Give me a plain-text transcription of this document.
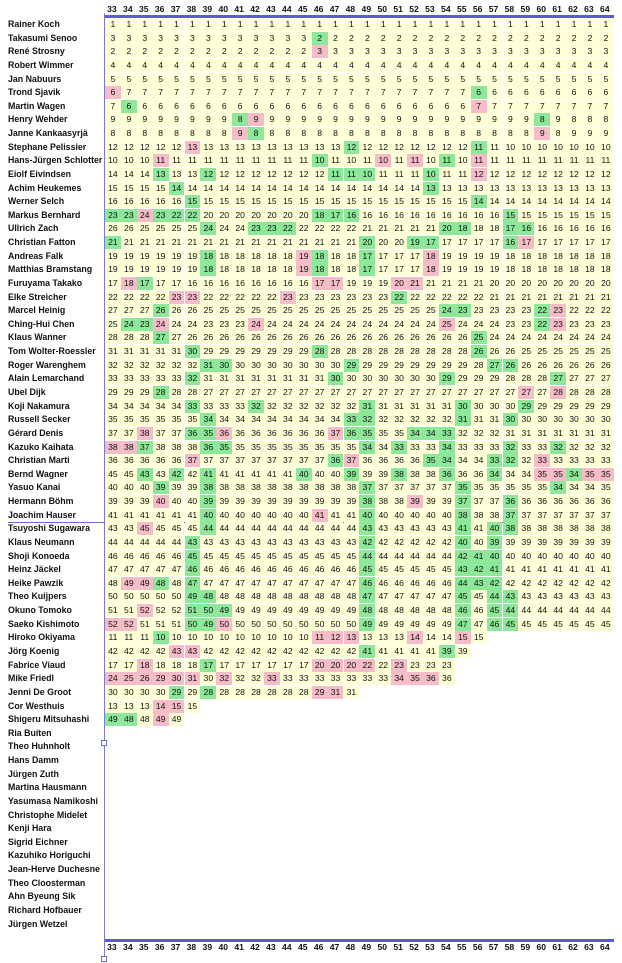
33 34 35 36 37 38 39 40 41 42 43 44 45 46 47 48 49 50 51 52 53 54 55 56 57 58 59 60 61 62 63 64
33 34 35 36 37 38 39 40 41 42 43 44 45 46 47 48 49 50 51 52 53 54 55 56 57 58 59 60 61 62 63 64
Rainer Koch	1	1	1	1	1	1	1	1	1	1	1	1	1	1	1	1	1	1	1	1	1	1	1	1	1	1	1	1	1	1	1	1
Takasumi Senoo	3	3	3	3	3	3	3	3	3	3	3	3	3	2	2	2	2	2	2	2	2	2	2	2	2	2	2	2	2	2	2	2
René Strosny	2	2	2	2	2	2	2	2	2	2	2	2	2	3	3	3	3	3	3	3	3	3	3	3	3	3	3	3	3	3	3	3
Robert Wimmer	4	4	4	4	4	4	4	4	4	4	4	4	4	4	4	4	4	4	4	4	4	4	4	4	4	4	4	4	4	4	4	4
Jan Nabuurs	5	5	5	5	5	5	5	5	5	5	5	5	5	5	5	5	5	5	5	5	5	5	5	5	5	5	5	5	5	5	5	5
Trond Sjavik	6	7	7	7	7	7	7	7	7	7	7	7	7	7	7	7	7	7	7	7	7	7	7	6	6	6	6	6	6	6	6	6
Martin Wagen	7	6	6	6	6	6	6	6	6	6	6	6	6	6	6	6	6	6	6	6	6	6	6	7	7	7	7	7	7	7	7	7
Henry Wehder	9	9	9	9	9	9	9	9	8	9	9	9	9	9	9	9	9	9	9	9	9	9	9	9	9	9	9	8	9	8	8	8
Janne Kankaasyrjä	8	8	8	8	8	8	8	8	9	8	8	8	8	8	8	8	8	8	8	8	8	8	8	8	8	8	8	9	8	9	9	9
Stephane Pelissier	12 12 12 12 12 13 13 13 13 13 13 13 13 13 13 12 12 12 12 12 12 12 12 11 11 10 10 10 10 10 10 10
Hans-Jürgen Schlotter 10 10 10 11 11 11 11 11 11 11 11 11 11 10 11 10 11 10 11 11 10 11 10 11 11 11 11 11 11 11 11 11
Eiolf Eivindsen	14 14 14 13 13 13 12 12 12 12 12 12 12 12 11 11 10 11 11 11 10 11 11 12 12 12 12 12 12 12 12 12
Achim Heukemes	15 15 15 15 14 14 14 14 14 14 14 14 14 14 14 14 14 14 14 14 13 13 13 13 13 13 13 13 13 13 13 13
Werner Selch	16 16 16 16 16 15 15 15 15 15 15 15 15 15 15 15 15 15 15 15 15 15 15 14 14 14 14 14 14 14 14 14
Markus Bernhard	23 23 24 23 22 22 20 20 20 20 20 20 20 18 17 16 16 16 16 16 16 16 16 16 16 15 15 15 15 15 15 15
Ullrich Zach	26 26 25 25 25 25 24 24 24 23 23 22 22 22 22 22 21 21 21 21 21 20 18 18 18 17 16 16 16 16 16 16
Christian Fatton	21 21 21 21 21 21 21 21 21 21 21 21 21 21 21 21 20 20 20 19 17 17 17 17 17 16 17 17 17 17 17 17
Andreas Falk	19 19 19 19 19 19 18 18 18 18 18 18 19 18 18 18 17 17 17 17 18 19 19 19 19 18 18 18 18 18 18 18
Matthias Bramstang	19 19 19 19 19 19 18 18 18 18 18 18 19 18 18 18 17 17 17 17 18 19 19 19 19 18 18 18 18 18 18 18
Furuyama Takako	17 18 17 17 17 16 16 16 16 16 16 16 16 17 17 19 19 19 20 21 21 21 21 21 20 20 20 20 20 20 20 20
Elke Streicher	22 22 22 22 23 23 22 22 22 22 22 23 23 23 23 23 23 23 22 22 22 22 22 22 21 21 21 21 21 21 21 21
Marcel Heinig	27 27 27 26 26 26 25 25 25 25 25 25 25 25 25 25 25 25 25 25 25 24 23 23 23 23 23 22 23 22 22 22
Ching-Hui Chen	25 24 23 24 24 24 23 23 23 24 24 24 24 24 24 24 24 24 24 24 24 25 24 24 24 23 23 22 23 23 23 23
Klaus Wanner	28 28 28 27 27 26 26 26 26 26 26 26 26 26 26 26 26 26 26 26 26 26 26 25 24 24 24 24 24 24 24 24
Tom Wolter-Roessler	31 31 31 31 31 30 29 29 29 29 29 29 29 28 28 28 28 28 28 28 28 28 28 26 26 26 25 25 25 25 25 25
Roger Warenghem	32 32 32 32 32 32 31 30 30 30 30 30 30 30 30 29 29 29 29 29 29 29 29 28 27 26 26 26 26 26 26 26
Alain Lemarchand	33 33 33 33 33 32 31 31 31 31 31 31 31 31 30 30 30 30 30 30 30 29 29 29 29 28 28 28 27 27 27 27
Ubel Dijk	29 29 29 28 28 28 27 27 27 27 27 27 27 27 27 27 27 27 27 27 27 27 27 27 27 27 27 27 28 28 28 28
Koji Nakamura	34 34 34 34 34 33 33 33 33 32 32 32 32 32 32 32 31 31 31 31 31 31 30 30 30 30 29 29 29 29 29 29
Russell Secker	35 35 35 35 35 35 34 34 34 34 34 34 34 34 34 33 32 32 32 32 32 32 31 31 31 30 30 30 30 30 30 30
Gérard Denis	37 37 38 37 37 36 35 36 36 36 36 36 36 36 37 36 35 35 35 34 34 33 32 32 32 31 31 31 31 31 31 31
Kazuko Kaihata	38 38 37 38 38 38 36 35 35 35 35 35 35 35 35 35 34 34 33 33 33 34 33 33 33 32 33 33 32 32 32 32
Christian Marti	36 36 36 36 36 37 37 37 37 37 37 37 37 37 36 37 36 36 36 36 35 34 34 34 33 32 32 33 33 33 33 33
Bernd Wagner	45 45 43 43 42 42 41 41 41 41 41 41 40 40 40 39 39 39 38 38 38 36 36 36 34 34 34 35 35 34 35 35
Yasuo Kanai	40 40 40 39 39 39 38 38 38 38 38 38 38 38 38 38 37 37 37 37 37 37 35 35 35 35 35 35 34 34 34 35
Hermann Böhm	39 39 39 40 40 40 39 39 39 39 39 39 39 39 39 39 38 38 38 39 39 39 37 37 37 36 36 36 36 36 36 36
Joachim Hauser	41 41 41 41 41 41 40 40 40 40 40 40 40 41 41 41 40 40 40 40 40 40 38 38 38 37 37 37 37 37 37 37
Tsuyoshi Sugawara	43 43 45 45 45 45 44 44 44 44 44 44 44 44 44 44 43 43 43 43 43 43 41 41 40 38 38 38 38 38 38 38
Klaus Neumann	44 44 44 44 44 43 43 43 43 43 43 43 43 43 43 43 42 42 42 42 42 42 40 40 39 39 39 39 39 39 39 39
Shoji Konoeda	46 46 46 46 46 45 45 45 45 45 45 45 45 45 45 45 44 44 44 44 44 44 42 41 40 40 40 40 40 40 40 40
Heinz Jäckel	47 47 47 47 47 46 46 46 46 46 46 46 46 46 46 46 45 45 45 45 45 45 43 42 41 41 41 41 41 41 41 41
Heike Pawzik	48 49 49 48 48 47 47 47 47 47 47 47 47 47 47 47 46 46 46 46 46 46 44 43 42 42 42 42 42 42 42 42
Theo Kuijpers	50 50 50 50 50 49 48 48 48 48 48 48 48 48 48 48 47 47 47 47 47 47 45 45 44 43 43 43 43 43 43 43
Okuno Tomoko	51 51 52 52 52 51 50 49 49 49 49 49 49 49 49 49 48 48 48 48 48 48 46 46 45 44 44 44 44 44 44 44
Saeko Kishimoto	52 52 51 51 51 50 49 50 50 50 50 50 50 50 50 50 49 49 49 49 49 49 47 47 46 45 45 45 45 45 45 45
Hiroko Okiyama	11 11 11 10 10 10 10 10 10 10 10 10 10 11 12 13 13 13 13 14 14 14 15 15
Jörg Koenig	42 42 42 42 43 43 42 42 42 42 42 42 42 42 42 42 41 41 41 41 41 39 39
Fabrice Viaud	17 17 18 18 18 18 17 17 17 17 17 17 17 20 20 20 22 22 23 23 23 23
Mike Friedl	24 25 26 29 30 31 30 32 32 32 33 33 33 33 33 33 33 33 34 35 36 36
Jenni De Groot	30 30 30 30 29 29 28 28 28 28 28 28 28 29 31 31
Cor Westhuis	13 13 13 14 15 15
Shigeru Mitsuhashi	49 48 48 49 49
Ria Buiten
Theo Huhnholt
Hans Damm
Jürgen Zuth
Martina Hausmann
Yasumasa Namikoshi
Christophe Midelet
Kenji Hara
Sigrid Eichner
Kazuhiko Horiguchi
Jean-Herve Duchesne
Theo Cloosterman
Ahn Byeung Sik
Richard Hofbauer
Jürgen Wetzel
